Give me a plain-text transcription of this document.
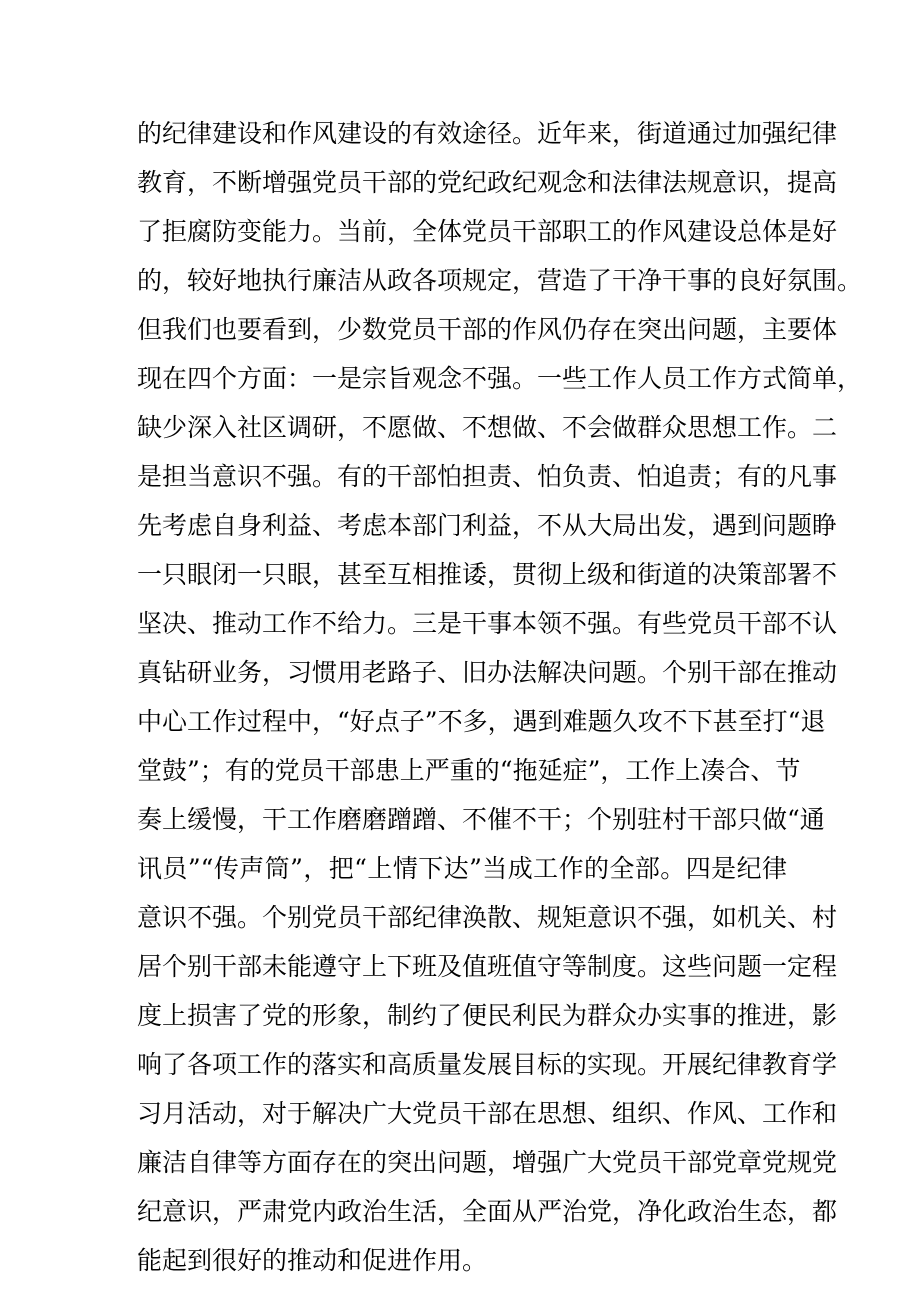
的纪律建设和作风建设的有效途径。近年来，街道通过加强纪律
教育，不断增强党员干部的党纪政纪观念和法律法规意识，提高
了拒腐防变能力。当前，全体党员干部职工的作风建设总体是好
的，较好地执行廉洁从政各项规定，营造了干净干事的良好氛围。
但我们也要看到，少数党员干部的作风仍存在突出问题，主要体
现在四个方面：一是宗旨观念不强。一些工作人员工作方式简单，
缺少深入社区调研，不愿做、不想做、不会做群众思想工作。二
是担当意识不强。有的干部怕担责、怕负责、怕追责；有的凡事
先考虑自身利益、考虑本部门利益，不从大局出发，遇到问题睁
一只眼闭一只眼，甚至互相推诿，贯彻上级和街道的决策部署不
坚决、推动工作不给力。三是干事本领不强。有些党员干部不认
真钻研业务，习惯用老路子、旧办法解决问题。个别干部在推动
中心工作过程中，“好点子”不多，遇到难题久攻不下甚至打“退
堂鼓”；有的党员干部患上严重的“拖延症”，工作上凑合、节
奏上缓慢，干工作磨磨蹭蹭、不催不干；个别驻村干部只做“通
讯员”“传声筒”，把“上情下达”当成工作的全部。四是纪律
意识不强。个别党员干部纪律涣散、规矩意识不强，如机关、村
居个别干部未能遵守上下班及值班值守等制度。这些问题一定程
度上损害了党的形象，制约了便民利民为群众办实事的推进，影
响了各项工作的落实和高质量发展目标的实现。开展纪律教育学
习月活动，对于解决广大党员干部在思想、组织、作风、工作和
廉洁自律等方面存在的突出问题，增强广大党员干部党章党规党
纪意识，严肃党内政治生活，全面从严治党，净化政治生态，都
能起到很好的推动和促进作用。
